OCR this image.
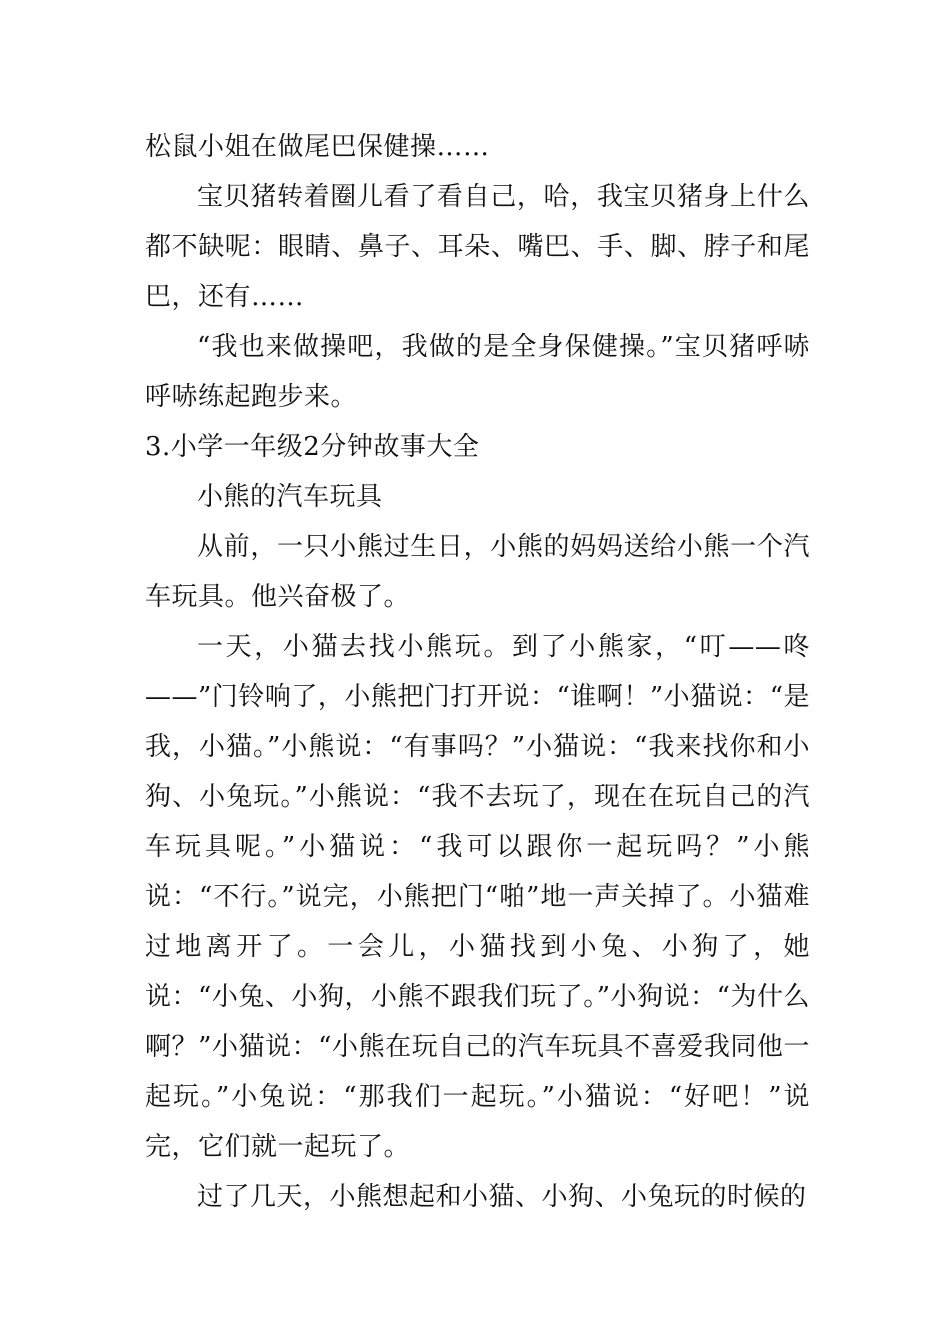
松鼠小姐在做尾巴保健操……

宝贝猪转着圈儿看了看自己，哈，我宝贝猪身上什么都不缺呢：眼睛、鼻子、耳朵、嘴巴、手、脚、脖子和尾巴，还有……

“我也来做操吧，我做的是全身保健操。”宝贝猪呼哧呼哧练起跑步来。

3.小学一年级2分钟故事大全

小熊的汽车玩具

从前，一只小熊过生日，小熊的妈妈送给小熊一个汽车玩具。他兴奋极了。

一天，小猫去找小熊玩。到了小熊家，“叮——咚——”门铃响了，小熊把门打开说：“谁啊！”小猫说：“是我，小猫。”小熊说：“有事吗？”小猫说：“我来找你和小狗、小兔玩。”小熊说：“我不去玩了，现在在玩自己的汽车玩具呢。”小猫说：“我可以跟你一起玩吗？”小熊说：“不行。”说完，小熊把门“啪”地一声关掉了。小猫难过地离开了。一会儿，小猫找到小兔、小狗了，她说：“小兔、小狗，小熊不跟我们玩了。”小狗说：“为什么啊？”小猫说：“小熊在玩自己的汽车玩具不喜爱我同他一起玩。”小兔说：“那我们一起玩。”小猫说：“好吧！”说完，它们就一起玩了。

过了几天，小熊想起和小猫、小狗、小兔玩的时候的
